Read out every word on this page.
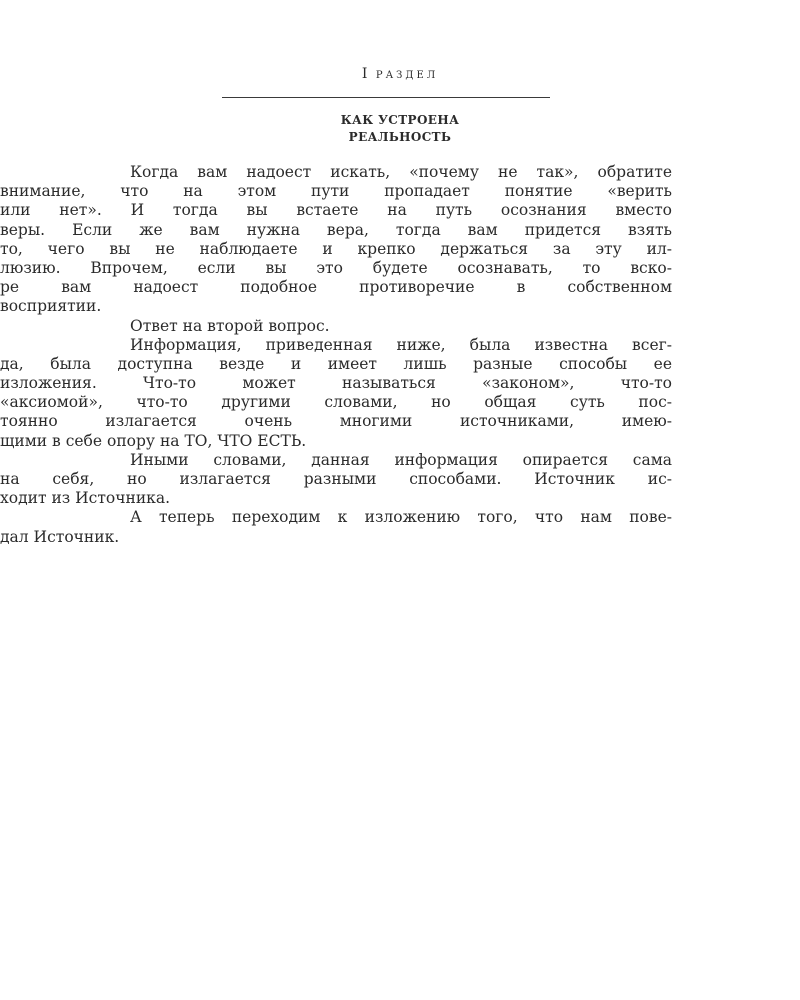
I РАЗДЕЛ
КАК УСТРОЕНА
РЕАЛЬНОСТЬ
Когда вам надоест искать, «почему не так», обратите
внимание, что на этом пути пропадает понятие «верить
или нет». И тогда вы встаете на путь осознания вместо
веры. Если же вам нужна вера, тогда вам придется взять
то, чего вы не наблюдаете и крепко держаться за эту ил-
люзию. Впрочем, если вы это будете осознавать, то вско-
ре вам надоест подобное противоречие в собственном
восприятии.
Ответ на второй вопрос.
Информация, приведенная ниже, была известна всег-
да, была доступна везде и имеет лишь разные способы ее
изложения. Что-то может называться «законом», что-то
«аксиомой», что-то другими словами, но общая суть пос-
тоянно излагается очень многими источниками, имею-
щими в себе опору на ТО, ЧТО ЕСТЬ.
Иными словами, данная информация опирается сама
на себя, но излагается разными способами. Источник ис-
ходит из Источника.
А теперь переходим к изложению того, что нам пове-
дал Источник.
